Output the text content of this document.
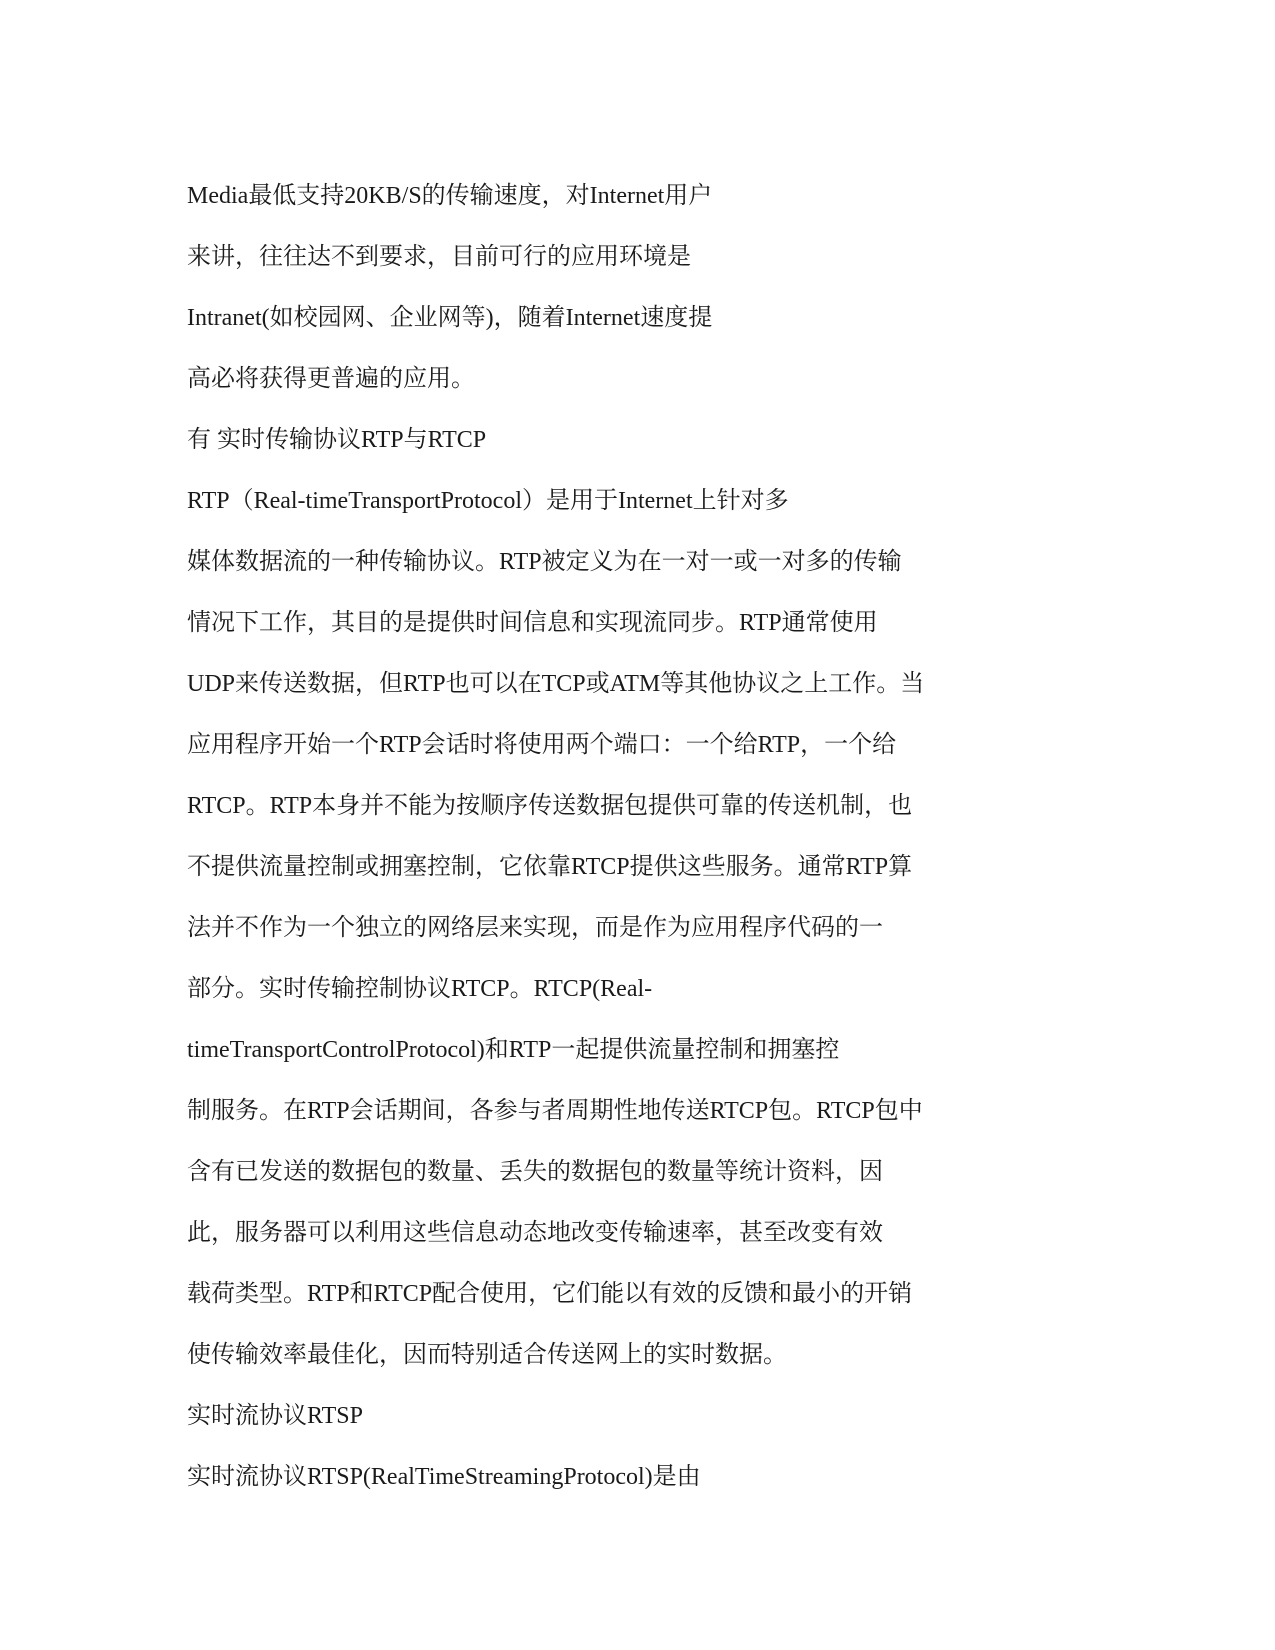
Media最低支持20KB/S的传输速度，对Internet用户

来讲，往往达不到要求，目前可行的应用环境是

Intranet(如校园网、企业网等)，随着Internet速度提

高必将获得更普遍的应用。

有 实时传输协议RTP与RTCP

RTP（Real-timeTransportProtocol）是用于Internet上针对多

媒体数据流的一种传输协议。RTP被定义为在一对一或一对多的传输

情况下工作，其目的是提供时间信息和实现流同步。RTP通常使用

UDP来传送数据，但RTP也可以在TCP或ATM等其他协议之上工作。当

应用程序开始一个RTP会话时将使用两个端口：一个给RTP，一个给

RTCP。RTP本身并不能为按顺序传送数据包提供可靠的传送机制，也

不提供流量控制或拥塞控制，它依靠RTCP提供这些服务。通常RTP算

法并不作为一个独立的网络层来实现，而是作为应用程序代码的一

部分。实时传输控制协议RTCP。RTCP(Real-

timeTransportControlProtocol)和RTP一起提供流量控制和拥塞控

制服务。在RTP会话期间，各参与者周期性地传送RTCP包。RTCP包中

含有已发送的数据包的数量、丢失的数据包的数量等统计资料，因

此，服务器可以利用这些信息动态地改变传输速率，甚至改变有效

载荷类型。RTP和RTCP配合使用，它们能以有效的反馈和最小的开销

使传输效率最佳化，因而特别适合传送网上的实时数据。

实时流协议RTSP

实时流协议RTSP(RealTimeStreamingProtocol)是由
